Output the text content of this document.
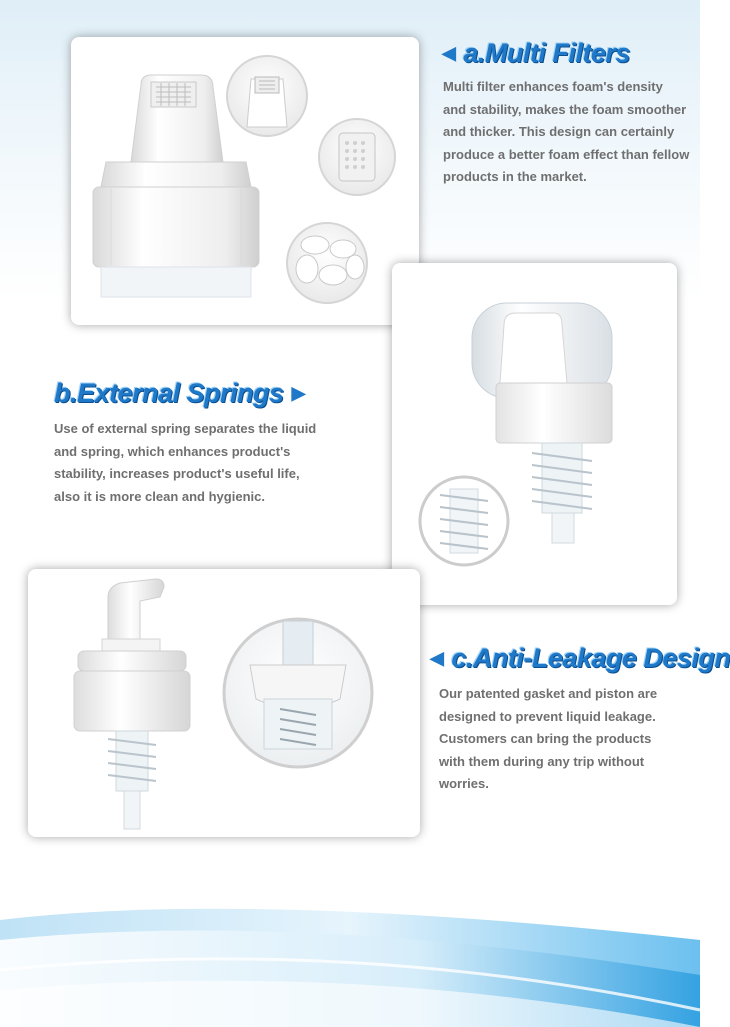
◀ a.Multi Filters

Multi filter enhances foam's density
and stability, makes the foam smoother
and thicker. This design can certainly
produce a better foam effect than fellow
products in the market.

b.External Springs ▶

Use of external spring separates the liquid
and spring, which enhances product's
stability, increases product's useful life,
also it is more clean and hygienic.

◀ c.Anti-Leakage Design

Our patented gasket and piston are
designed to prevent liquid leakage.
Customers can bring the products
with them during any trip without
worries.
